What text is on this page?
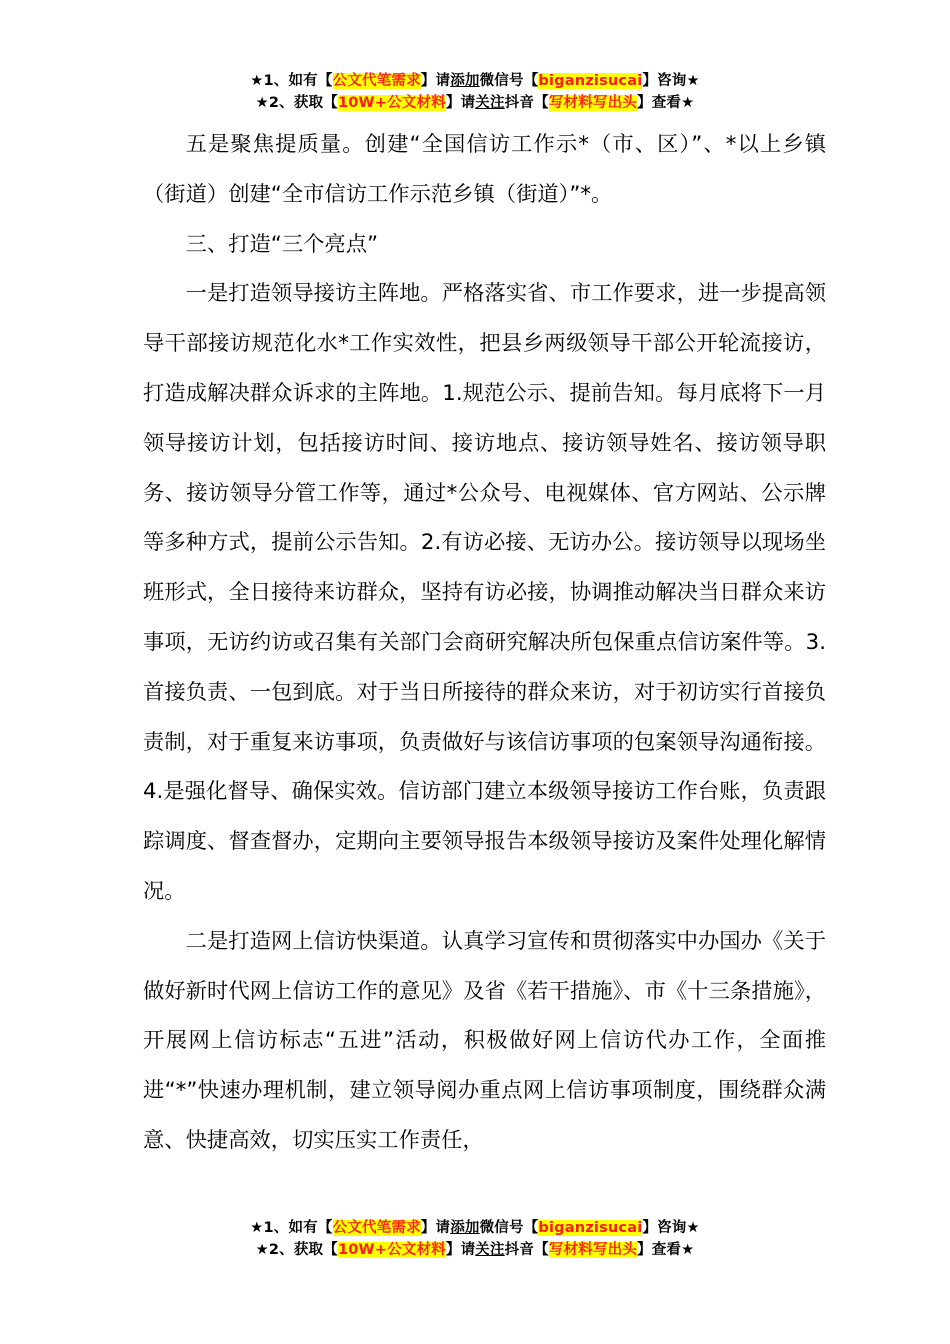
★1、如有【公文代笔需求】请添加微信号【biganzisucai】咨询★
★2、获取【10W+公文材料】请关注抖音【写材料写出头】查看★

五是聚焦提质量。创建“全国信访工作示*（市、区）”、*以上乡镇（街道）创建“全市信访工作示范乡镇（街道）”*。

三、打造“三个亮点”

一是打造领导接访主阵地。严格落实省、市工作要求，进一步提高领导干部接访规范化水*工作实效性，把县乡两级领导干部公开轮流接访，打造成解决群众诉求的主阵地。1.规范公示、提前告知。每月底将下一月领导接访计划，包括接访时间、接访地点、接访领导姓名、接访领导职务、接访领导分管工作等，通过*公众号、电视媒体、官方网站、公示牌等多种方式，提前公示告知。2.有访必接、无访办公。接访领导以现场坐班形式，全日接待来访群众，坚持有访必接，协调推动解决当日群众来访事项，无访约访或召集有关部门会商研究解决所包保重点信访案件等。3.首接负责、一包到底。对于当日所接待的群众来访，对于初访实行首接负责制，对于重复来访事项，负责做好与该信访事项的包案领导沟通衔接。4.是强化督导、确保实效。信访部门建立本级领导接访工作台账，负责跟踪调度、督查督办，定期向主要领导报告本级领导接访及案件处理化解情况。

二是打造网上信访快渠道。认真学习宣传和贯彻落实中办国办《关于做好新时代网上信访工作的意见》及省《若干措施》、市《十三条措施》，开展网上信访标志“五进”活动，积极做好网上信访代办工作，全面推进“*”快速办理机制，建立领导阅办重点网上信访事项制度，围绕群众满意、快捷高效，切实压实工作责任，

★1、如有【公文代笔需求】请添加微信号【biganzisucai】咨询★
★2、获取【10W+公文材料】请关注抖音【写材料写出头】查看★
